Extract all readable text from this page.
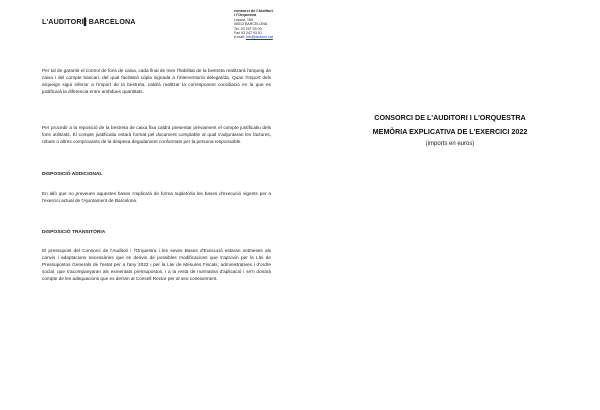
L'AUDITORI▌BARCELONA
consorci de l'Auditori
i l'Orquestra
Lepant, 150
08013 BARCELONA
Tel. 93 247 93 00
Fax 93 247 93 01
e-mail: info@auditori.cat
Per tal de garantir el control de fons de caixa, cada final de mes l'habilitat de la bestreta realitzarà l'arqueig de caixa i del compte bancari, del qual facilitarà còpia signada a l'interventor/a delegat/da. Quan l'import dels arqueigs sigui inferior a l'import de la bestreta, caldrà realitzar la corresponent conciliació en la que es justificarà la diferencia entre ambdues quantitats.
Per procedir a la reposició de la bestreta de caixa fixa caldrà presentar prèviament el compte justificatiu dels fons utilitzats. El compte justificatiu estarà format pel document comptable al qual s'adjuntaran les factures, rebuts o altres comprovants de la despesa degudament conformats per la persona responsable.
DISPOSICIÓ ADDICIONAL
En allò que no preveuen aquestes bases s'aplicarà de forma supletòria les bases d'execució vigents per a l'exercici actual de l'Ajuntament de Barcelona.
DISPOSICIÓ TRANSITÒRIA
El pressupost del Consorci de l'Auditori i l'Orquestra i les seves Bases d'Execució estaran sotmeses als canvis i adaptacions necessàries que es derivin de possibles modificacions que s'aprovin per la Llei de Pressupostos Generals de l'estat per a l'any 2022 i per la Llei de Mesures Fiscals, administratives i d'ordre social, que s'acompanyaran als esmentats pressupostos, i a la resta de normativa d'aplicació i se'n donarà compte de les adequacions que es derivin al Consell Rector per al seu coneixement.
CONSORCI DE L'AUDITORI I L'ORQUESTRA
MEMÒRIA EXPLICATIVA DE L'EXERCICI 2022
(imports en euros)
